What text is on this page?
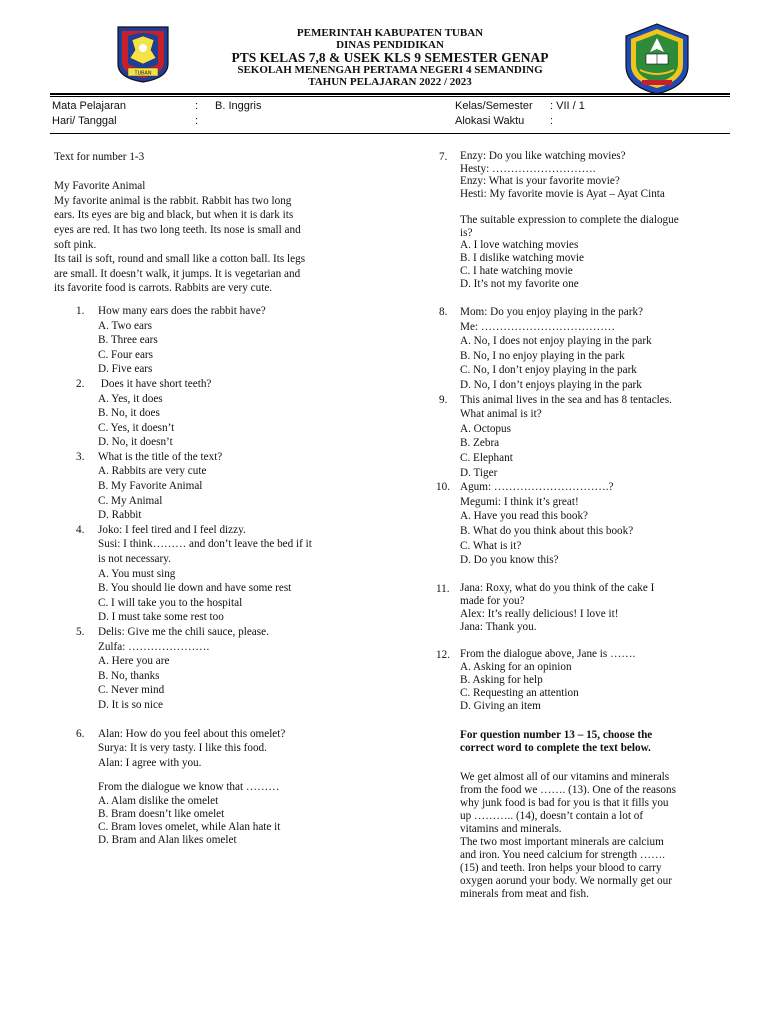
TUBAN
PEMERINTAH KABUPATEN TUBAN
DINAS PENDIDIKAN
PTS KELAS 7,8 & USEK KLS 9 SEMESTER GENAP
SEKOLAH MENENGAH PERTAMA NEGERI 4 SEMANDING
TAHUN PELAJARAN 2022 / 2023
Mata Pelajaran	: B. Inggris
Hari/ Tanggal	:
Kelas/Semester : VII / 1
Alokasi Waktu :

Text for number 1-3

My Favorite Animal

My favorite animal is the rabbit. Rabbit has two long

ears. Its eyes are big and black, but when it is dark its

eyes are red. It has two long teeth. Its nose is small and

soft pink.

Its tail is soft, round and small like a cotton ball. Its legs

are small. It doesn’t walk, it jumps. It is vegetarian and

its favorite food is carrots. Rabbits are very cute.

1. How many ears does the rabbit have?

A. Two ears

B. Three ears

C. Four ears

D. Five ears

2. Does it have short teeth?

A. Yes, it does

B. No, it does

C. Yes, it doesn’t

D. No, it doesn’t

3. What is the title of the text?

A. Rabbits are very cute

B. My Favorite Animal

C. My Animal

D. Rabbit

4. Joko: I feel tired and I feel dizzy.

Susi: I think……… and don’t leave the bed if it

is not necessary.

A. You must sing

B. You should lie down and have some rest

C. I will take you to the hospital

D. I must take some rest too

5. Delis: Give me the chili sauce, please.

Zulfa: ………………….

A. Here you are

B. No, thanks

C. Never mind

D. It is so nice

6. Alan: How do you feel about this omelet?

Surya: It is very tasty. I like this food.

Alan: I agree with you.

From the dialogue we know that ………

A. Alam dislike the omelet

B. Bram doesn’t like omelet

C. Bram loves omelet, while Alan hate it

D. Bram and Alan likes omelet

7. Enzy: Do you like watching movies?

Hesty: ……………………….

Enzy: What is your favorite movie?

Hesti: My favorite movie is Ayat – Ayat Cinta

The suitable expression to complete the dialogue

is?

A. I love watching movies

B. I dislike watching movie

C. I hate watching movie

D. It’s not my favorite one

8. Mom: Do you enjoy playing in the park?

Me: ………………………………

A. No, I does not enjoy playing in the park

B. No, I no enjoy playing in the park

C. No, I don’t enjoy playing in the park

D. No, I don’t enjoys playing in the park

9. This animal lives in the sea and has 8 tentacles.

What animal is it?

A. Octopus

B. Zebra

C. Elephant

D. Tiger

10. Agum: ………………………….?

Megumi: I think it’s great!

A. Have you read this book?

B. What do you think about this book?

C. What is it?

D. Do you know this?

11. Jana: Roxy, what do you think of the cake I

made for you?

Alex: It’s really delicious! I love it!

Jana: Thank you.

12. From the dialogue above, Jane is …….

A. Asking for an opinion

B. Asking for help

C. Requesting an attention

D. Giving an item

For question number 13 – 15, choose the

correct word to complete the text below.

We get almost all of our vitamins and minerals

from the food we ……. (13). One of the reasons

why junk food is bad for you is that it fills you

up ……….. (14), doesn’t contain a lot of

vitamins and minerals.

The two most important minerals are calcium

and iron. You need calcium for strength …….

(15) and teeth. Iron helps your blood to carry

oxygen aorund your body. We normally get our

minerals from meat and fish.
